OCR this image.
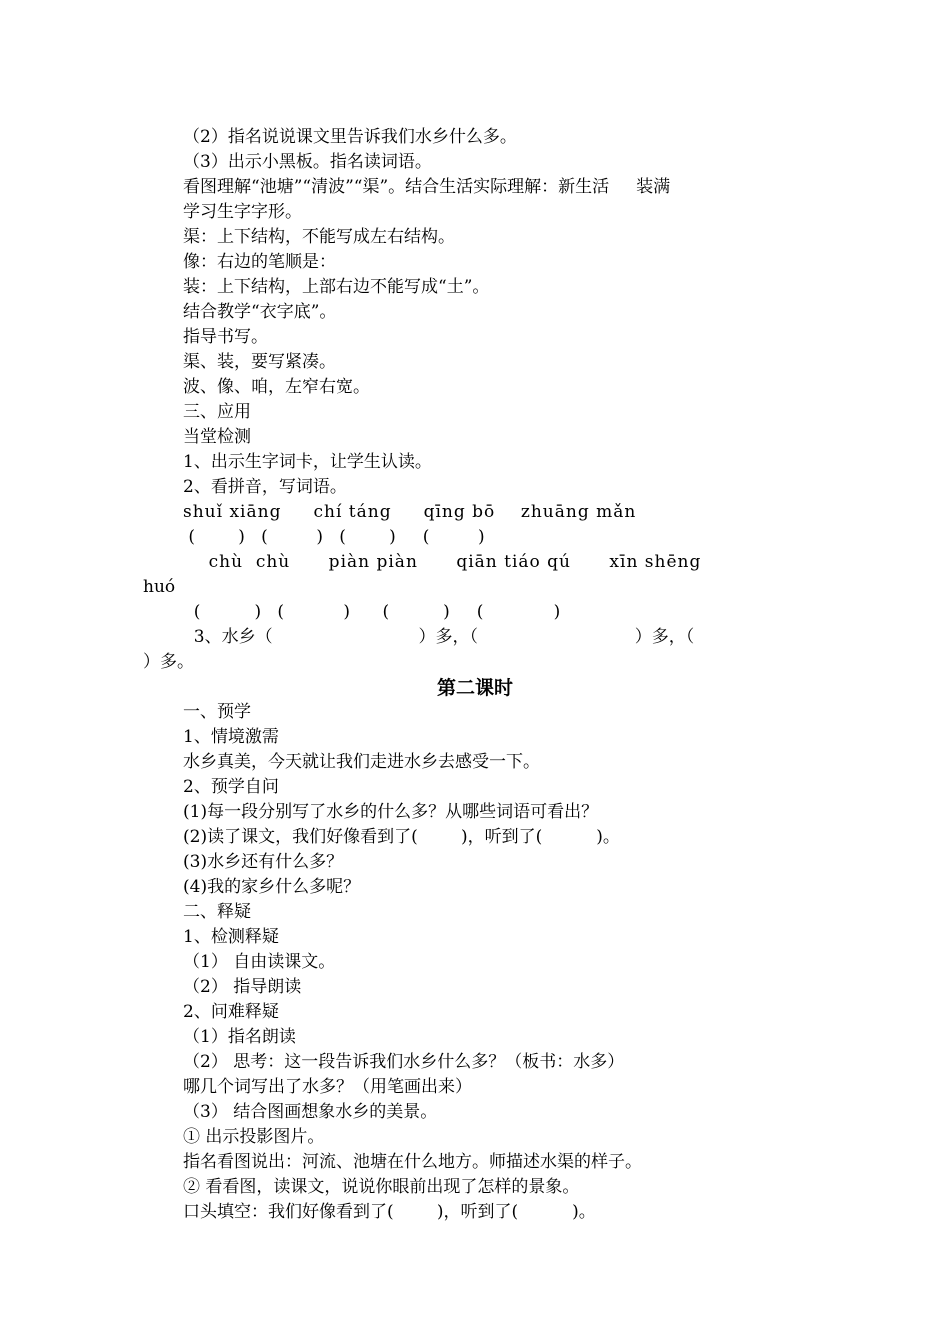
（2）指名说说课文里告诉我们水乡什么多。
（3）出示小黑板。指名读词语。
看图理解“池塘”“清波”“渠”。结合生活实际理解：新生活     装满
学习生字字形。
渠：上下结构，不能写成左右结构。
像：右边的笔顺是：
装：上下结构，上部右边不能写成“土”。
结合教学“衣字底”。
指导书写。
渠、装，要写紧凑。
波、像、咱，左窄右宽。
三、应用
当堂检测
1、出示生字词卡，让学生认读。
2、看拼音，写词语。
shuǐ xiāng     chí táng     qīng bō    zhuāng mǎn
(        )   (         )   (        )     (         )
chù  chù      piàn piàn      qiān tiáo qú      xīn shēng
huó
(          )   (           )      (          )     (             )
3、水乡（                           ）多，（                             ）多，（
）多。
第二课时
一、预学
1、情境激需
水乡真美，今天就让我们走进水乡去感受一下。
2、预学自问
(1)每一段分别写了水乡的什么多？从哪些词语可看出？
(2)读了课文，我们好像看到了(        )，听到了(          )。
(3)水乡还有什么多？
(4)我的家乡什么多呢？
二、释疑
1、检测释疑
（1） 自由读课文。
（2） 指导朗读
2、问难释疑
（1）指名朗读
（2） 思考：这一段告诉我们水乡什么多？（板书：水多）
哪几个词写出了水多？（用笔画出来）
（3） 结合图画想象水乡的美景。
① 出示投影图片。
指名看图说出：河流、池塘在什么地方。师描述水渠的样子。
② 看看图，读课文，说说你眼前出现了怎样的景象。
口头填空：我们好像看到了(        )，听到了(          )。
